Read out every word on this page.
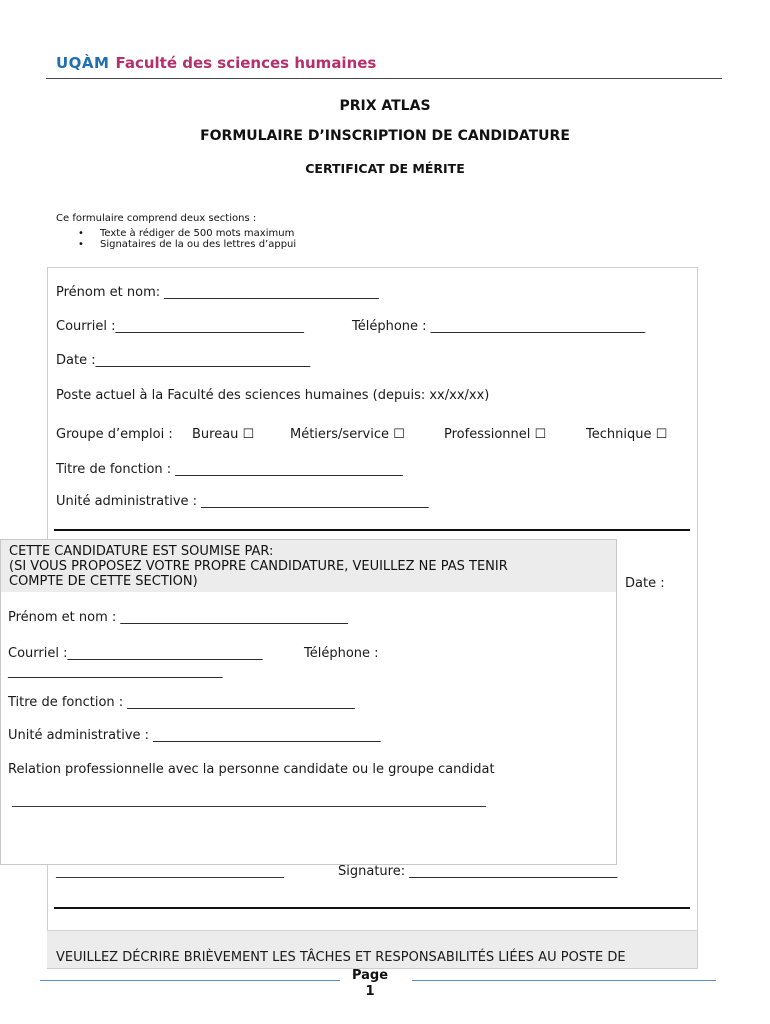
UQÀM Faculté des sciences humaines
PRIX ATLAS
FORMULAIRE D’INSCRIPTION DE CANDIDATURE
CERTIFICAT DE MÉRITE
Ce formulaire comprend deux sections :
• Texte à rédiger de 500 mots maximum
• Signataires de la ou des lettres d’appui
Prénom et nom: _________________________________
Courriel :_____________________________	Téléphone : _________________________________
Date :_________________________________
Poste actuel à la Faculté des sciences humaines (depuis: xx/xx/xx)
Groupe d’emploi : Bureau ☐	Métiers/service ☐	Professionnel ☐	Technique ☐
Titre de fonction : ___________________________________
Unité administrative : ___________________________________
CETTE CANDIDATURE EST SOUMISE PAR:
(SI VOUS PROPOSEZ VOTRE PROPRE CANDIDATURE, VEUILLEZ NE PAS TENIR
COMPTE DE CETTE SECTION)	Date :
Prénom et nom : ___________________________________
Courriel :______________________________	Téléphone :
_________________________________
Titre de fonction : ___________________________________
Unité administrative : ___________________________________
Relation professionnelle avec la personne candidate ou le groupe candidat
_______________________________________________________________________________
______________________________________	Signature: ________________________________
VEUILLEZ DÉCRIRE BRIÈVEMENT LES TÂCHES ET RESPONSABILITÉS LIÉES AU POSTE DE
Page
1
